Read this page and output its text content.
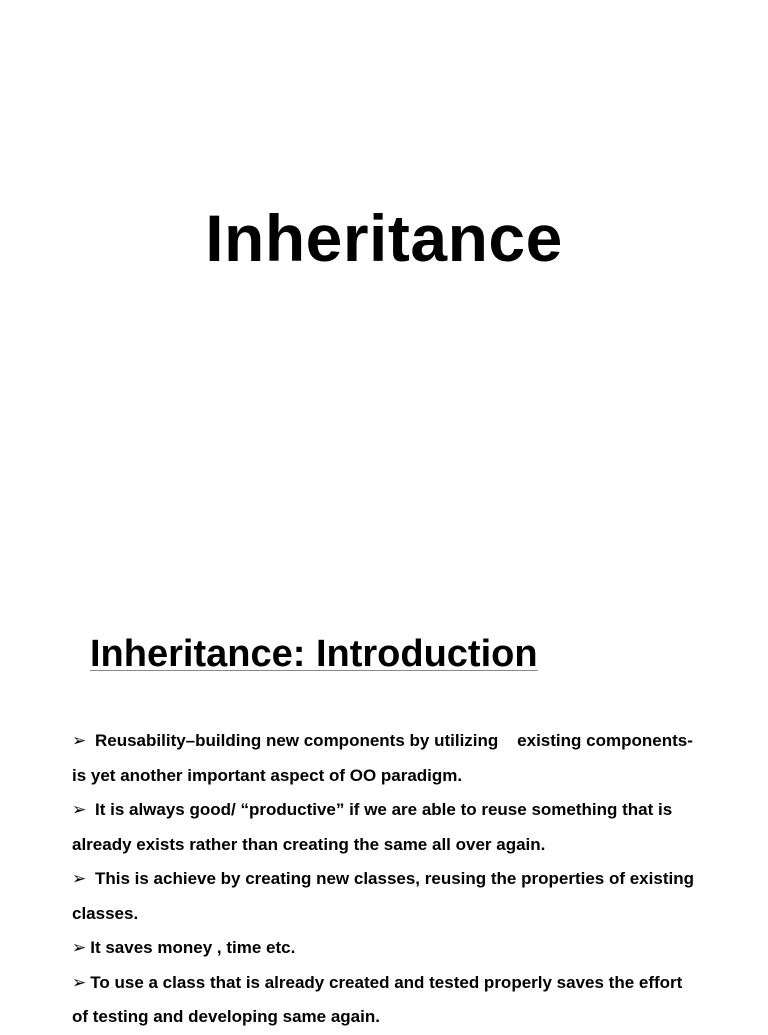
Inheritance
Inheritance: Introduction
➢ Reusability–building new components by utilizing    existing components- is yet another important aspect of OO paradigm.
➢ It is always good/ “productive” if we are able to reuse something that is already exists rather than creating the same all over again.
➢ This is achieve by creating new classes, reusing the properties of existing classes.
➢ It saves money , time etc.
➢ To use a class that is already created and tested properly saves the effort of testing and developing same again.
